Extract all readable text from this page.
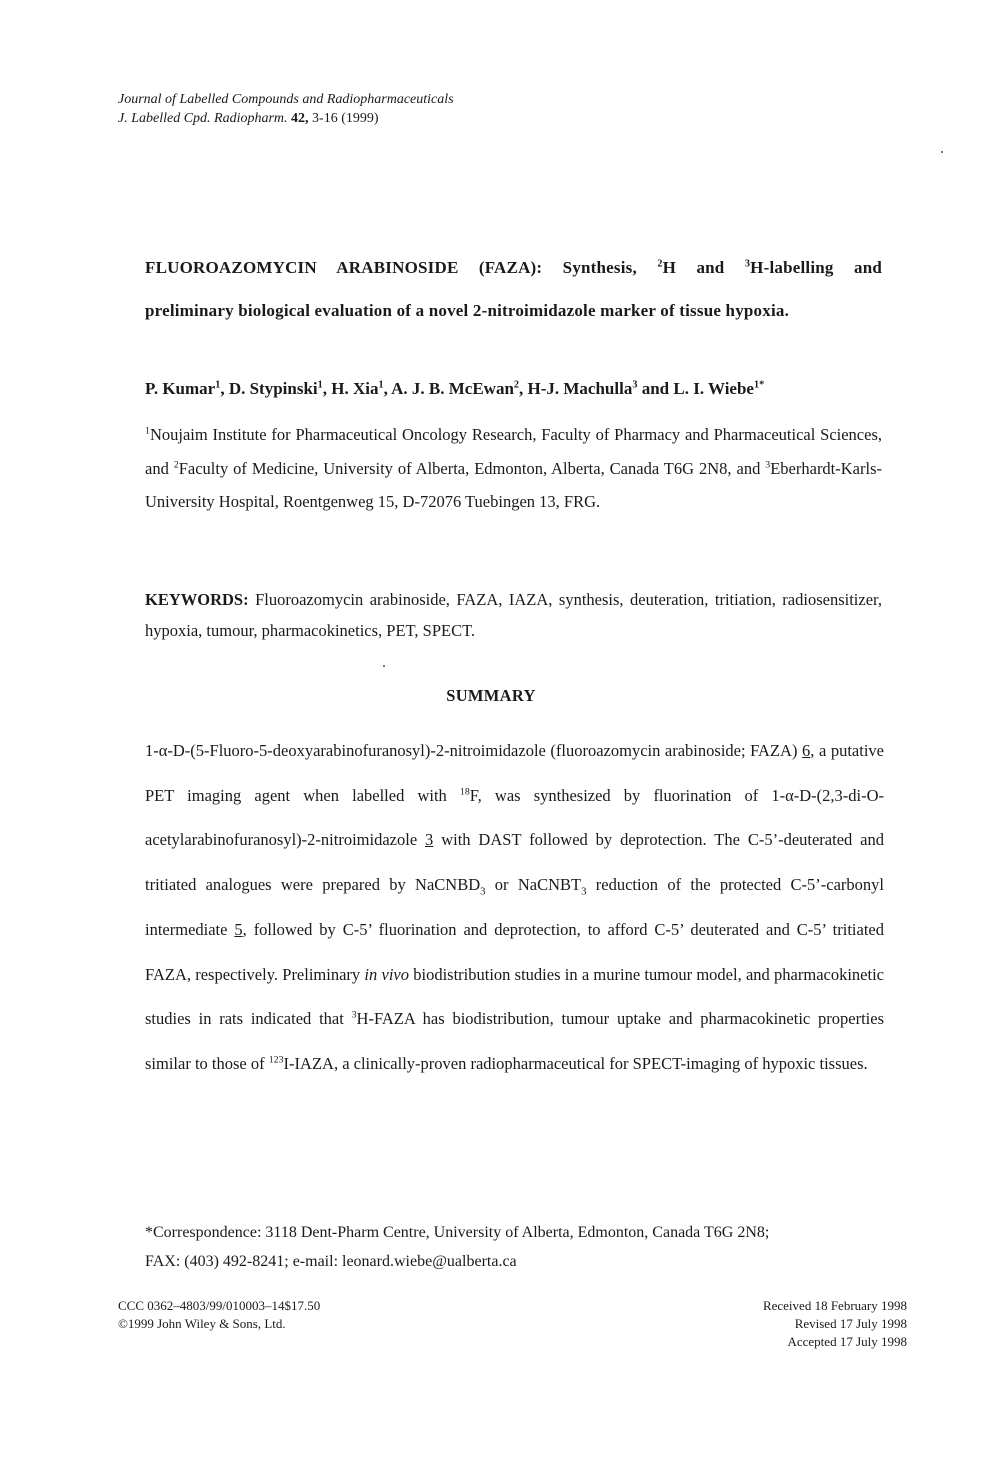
Journal of Labelled Compounds and Radiopharmaceuticals
J. Labelled Cpd. Radiopharm. 42, 3-16 (1999)
FLUOROAZOMYCIN ARABINOSIDE (FAZA): Synthesis, $^2$H and $^3$H-labelling and
preliminary biological evaluation of a novel 2-nitroimidazole marker of tissue hypoxia.
P. Kumar$^1$, D. Stypinski$^1$, H. Xia$^1$, A. J. B. McEwan$^2$, H-J. Machulla$^3$ and L. I. Wiebe$^{1*}$
$^1$Noujaim Institute for Pharmaceutical Oncology Research, Faculty of Pharmacy and Pharmaceutical Sciences, and $^2$Faculty of Medicine, University of Alberta, Edmonton, Alberta, Canada T6G 2N8, and $^3$Eberhardt-Karls-University Hospital, Roentgenweg 15, D-72076 Tuebingen 13, FRG.
KEYWORDS: Fluoroazomycin arabinoside, FAZA, IAZA, synthesis, deuteration, tritiation, radiosensitizer, hypoxia, tumour, pharmacokinetics, PET, SPECT.
SUMMARY
1-α-D-(5-Fluoro-5-deoxyarabinofuranosyl)-2-nitroimidazole (fluoroazomycin arabinoside; FAZA) 6, a putative PET imaging agent when labelled with $^{18}$F, was synthesized by fluorination of 1-α-D-(2,3-di-O-acetylarabinofuranosyl)-2-nitroimidazole 3 with DAST followed by deprotection. The C-5’-deuterated and tritiated analogues were prepared by NaCNBD$_3$ or NaCNBT$_3$ reduction of the protected C-5’-carbonyl intermediate 5, followed by C-5’ fluorination and deprotection, to afford C-5’ deuterated and C-5’ tritiated FAZA, respectively. Preliminary in vivo biodistribution studies in a murine tumour model, and pharmacokinetic studies in rats indicated that $^3$H-FAZA has biodistribution, tumour uptake and pharmacokinetic properties similar to those of $^{123}$I-IAZA, a clinically-proven radiopharmaceutical for SPECT-imaging of hypoxic tissues.
*Correspondence: 3118 Dent-Pharm Centre, University of Alberta, Edmonton, Canada T6G 2N8;
FAX: (403) 492-8241; e-mail: leonard.wiebe@ualberta.ca
CCC 0362–4803/99/010003–14$17.50
©1999 John Wiley & Sons, Ltd.
Received 18 February 1998
Revised 17 July 1998
Accepted 17 July 1998
